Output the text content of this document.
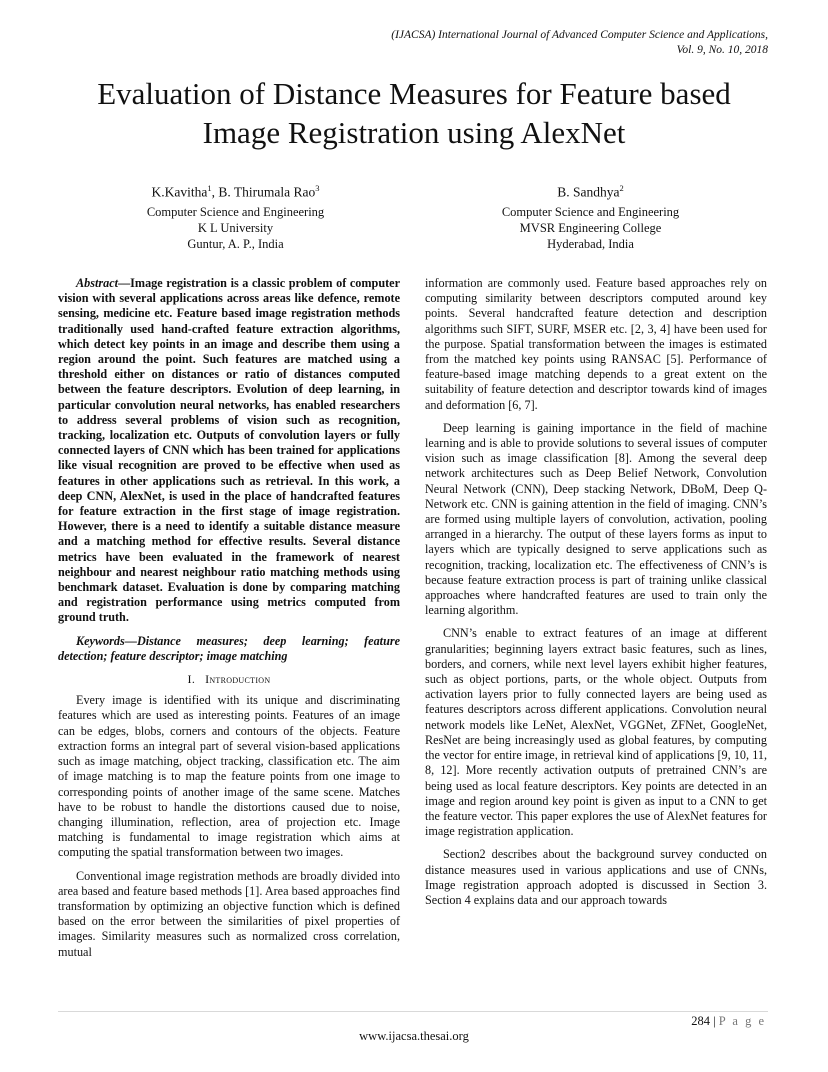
(IJACSA) International Journal of Advanced Computer Science and Applications,
Vol. 9, No. 10, 2018
Evaluation of Distance Measures for Feature based
Image Registration using AlexNet
K.Kavitha$^1$, B. Thirumala Rao$^3$
Computer Science and Engineering
K L University
Guntur, A. P., India
B. Sandhya$^2$
Computer Science and Engineering
MVSR Engineering College
Hyderabad, India

Abstract—Image registration is a classic problem of computer vision with several applications across areas like defence, remote sensing, medicine etc. Feature based image registration methods traditionally used hand-crafted feature extraction algorithms, which detect key points in an image and describe them using a region around the point. Such features are matched using a threshold either on distances or ratio of distances computed between the feature descriptors. Evolution of deep learning, in particular convolution neural networks, has enabled researchers to address several problems of vision such as recognition, tracking, localization etc. Outputs of convolution layers or fully connected layers of CNN which has been trained for applications like visual recognition are proved to be effective when used as features in other applications such as retrieval. In this work, a deep CNN, AlexNet, is used in the place of handcrafted features for feature extraction in the first stage of image registration. However, there is a need to identify a suitable distance measure and a matching method for effective results. Several distance metrics have been evaluated in the framework of nearest neighbour and nearest neighbour ratio matching methods using benchmark dataset. Evaluation is done by comparing matching and registration performance using metrics computed from ground truth.

Keywords—Distance measures; deep learning; feature detection; feature descriptor; image matching

I. Introduction

Every image is identified with its unique and discriminating features which are used as interesting points. Features of an image can be edges, blobs, corners and contours of the objects. Feature extraction forms an integral part of several vision-based applications such as image matching, object tracking, classification etc. The aim of image matching is to map the feature points from one image to corresponding points of another image of the same scene. Matches have to be robust to handle the distortions caused due to noise, changing illumination, reflection, area of projection etc. Image matching is fundamental to image registration which aims at computing the spatial transformation between two images.

Conventional image registration methods are broadly divided into area based and feature based methods [1]. Area based approaches find transformation by optimizing an objective function which is defined based on the error between the similarities of pixel properties of images. Similarity measures such as normalized cross correlation, mutual

information are commonly used. Feature based approaches rely on computing similarity between descriptors computed around key points. Several handcrafted feature detection and description algorithms such SIFT, SURF, MSER etc. [2, 3, 4] have been used for the purpose. Spatial transformation between the images is estimated from the matched key points using RANSAC [5]. Performance of feature-based image matching depends to a great extent on the suitability of feature detection and descriptor towards kind of images and deformation [6, 7].

Deep learning is gaining importance in the field of machine learning and is able to provide solutions to several issues of computer vision such as image classification [8]. Among the several deep network architectures such as Deep Belief Network, Convolution Neural Network (CNN), Deep stacking Network, DBoM, Deep Q-Network etc. CNN is gaining attention in the field of imaging. CNN’s are formed using multiple layers of convolution, activation, pooling arranged in a hierarchy. The output of these layers forms as input to layers which are typically designed to serve applications such as recognition, tracking, localization etc. The effectiveness of CNN’s is because feature extraction process is part of training unlike classical approaches where handcrafted features are used to train only the learning algorithm.

CNN’s enable to extract features of an image at different granularities; beginning layers extract basic features, such as lines, borders, and corners, while next level layers exhibit higher features, such as object portions, parts, or the whole object. Outputs from activation layers prior to fully connected layers are being used as features descriptors across different applications. Convolution neural network models like LeNet, AlexNet, VGGNet, ZFNet, GoogleNet, ResNet are being increasingly used as global features, by computing the vector for entire image, in retrieval kind of applications [9, 10, 11, 8, 12]. More recently activation outputs of pretrained CNN’s are being used as local feature descriptors. Key points are detected in an image and region around key point is given as input to a CNN to get the feature vector. This paper explores the use of AlexNet features for image registration application.

Section2 describes about the background survey conducted on distance measures used in various applications and use of CNNs, Image registration approach adopted is discussed in Section 3. Section 4 explains data and our approach towards

284 | P a g e
www.ijacsa.thesai.org
